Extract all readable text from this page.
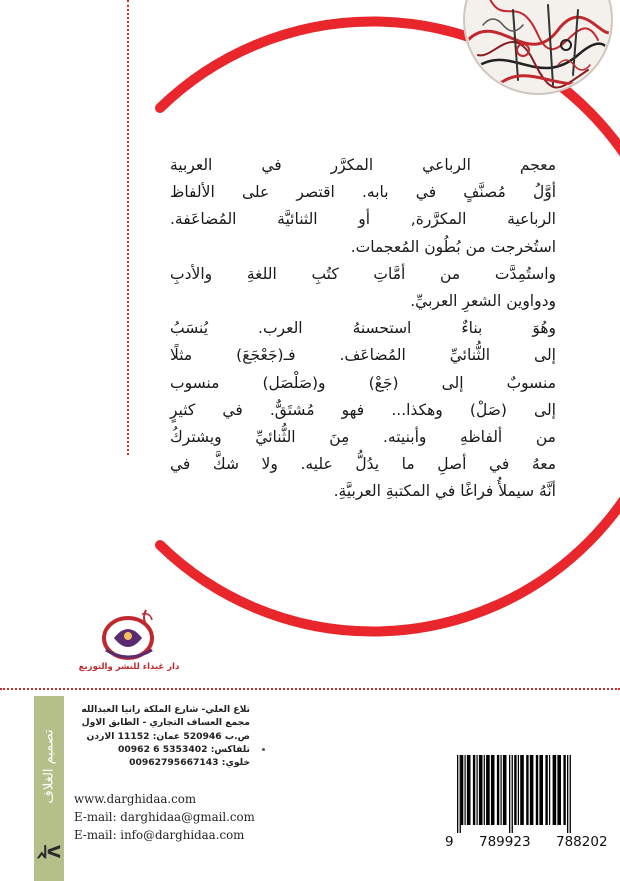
معجم الرباعي المكرَّر في العربية
أوَّلُ مُصنَّفٍ في بابه. اقتصر على الألفاظ
الرباعية المكرَّرة, أو الثنائيَّة المُضاعَفة.
استُخرجت من بُطُون المُعجمات.
واستُمِدَّت من أمَّاتِ كتُبِ اللغةِ والأدبِ
ودواوين الشعرِ العربيِّ.
وهُوَ بناءٌ استحسنهُ العرب. يُنسَبُ
إلى الثُّنائيِّ المُضاعَف. فـ(جَعْجَعَ) مثلًا
منسوبٌ إلى (جَعْ) و(صَلْصَل) منسوب
إلى (صَلْ) وهكذا... فهو مُشتَقٌّ. في كثيرٍ
من ألفاظهِ وأبنيته. مِنَ الثُّنائيِّ ويشتركُ
معهُ في أصلِ ما يدُلُّ عليه. ولا شكَّ في
أنَّهُ سيملأُ فراغًا في المكتبةِ العربيَّةِ.
دار غيداء للنشر والتوزيع
تصميم الغلاف
ᖽᐸ
تلاع العلي- شارع الملكة رانيا العبدالله
مجمع العساف التجاري - الطابق الاول
ص.ب 520946 عمان: 11152 الاردن
تلفاكس: 00962 6 5353402
خلوي: 00962795667143
www.darghidaa.com
E-mail: darghidaa@gmail.com
E-mail: info@darghidaa.com	9 789923 788202
